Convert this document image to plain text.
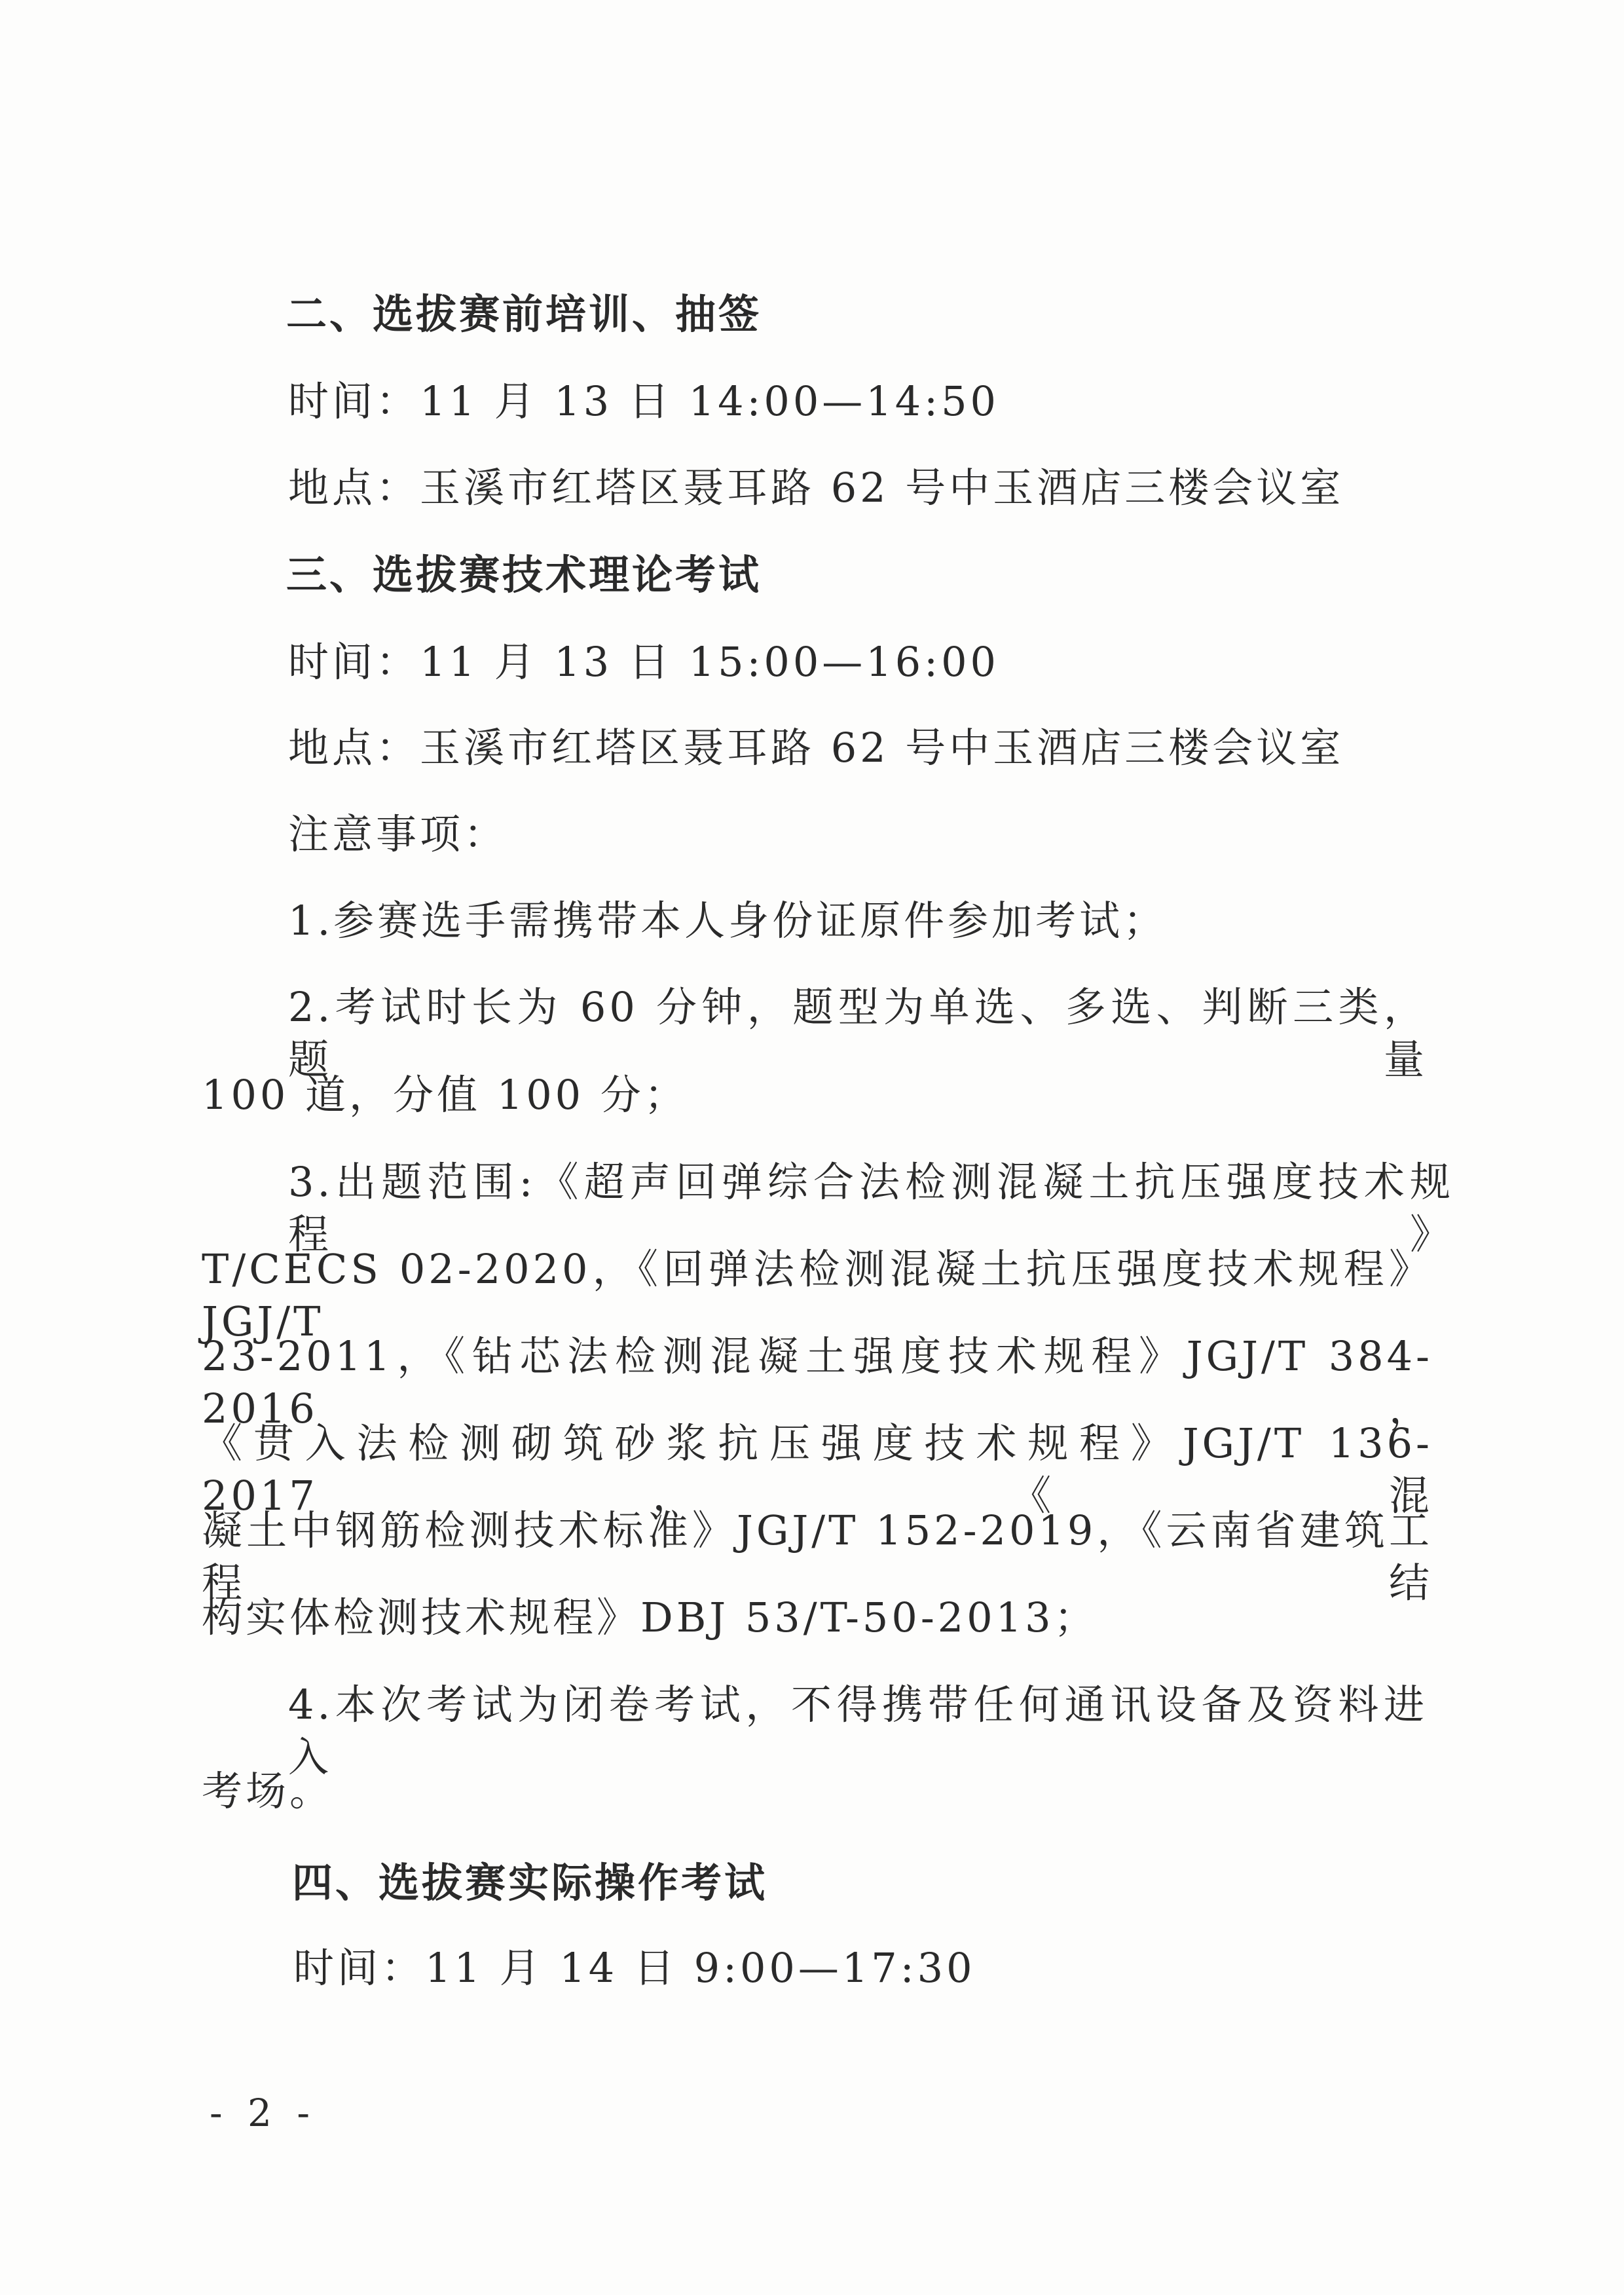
二、选拔赛前培训、抽签
时间：11 月 13 日 14:00—14:50
地点：玉溪市红塔区聂耳路 62 号中玉酒店三楼会议室
三、选拔赛技术理论考试
时间：11 月 13 日 15:00—16:00
地点：玉溪市红塔区聂耳路 62 号中玉酒店三楼会议室
注意事项：
1.参赛选手需携带本人身份证原件参加考试；
2.考试时长为 60 分钟，题型为单选、多选、判断三类，题量
100 道，分值 100 分；
3.出题范围:《超声回弹综合法检测混凝土抗压强度技术规程》
T/CECS 02-2020，《回弹法检测混凝土抗压强度技术规程》JGJ/T
23-2011，《钻芯法检测混凝土强度技术规程》JGJ/T 384-2016，
《贯入法检测砌筑砂浆抗压强度技术规程》JGJ/T 136-2017，《混
凝土中钢筋检测技术标准》JGJ/T 152-2019，《云南省建筑工程结
构实体检测技术规程》DBJ 53/T-50-2013；
4.本次考试为闭卷考试，不得携带任何通讯设备及资料进入
考场。
四、选拔赛实际操作考试
时间：11 月 14 日 9:00—17:30
- 2 -
